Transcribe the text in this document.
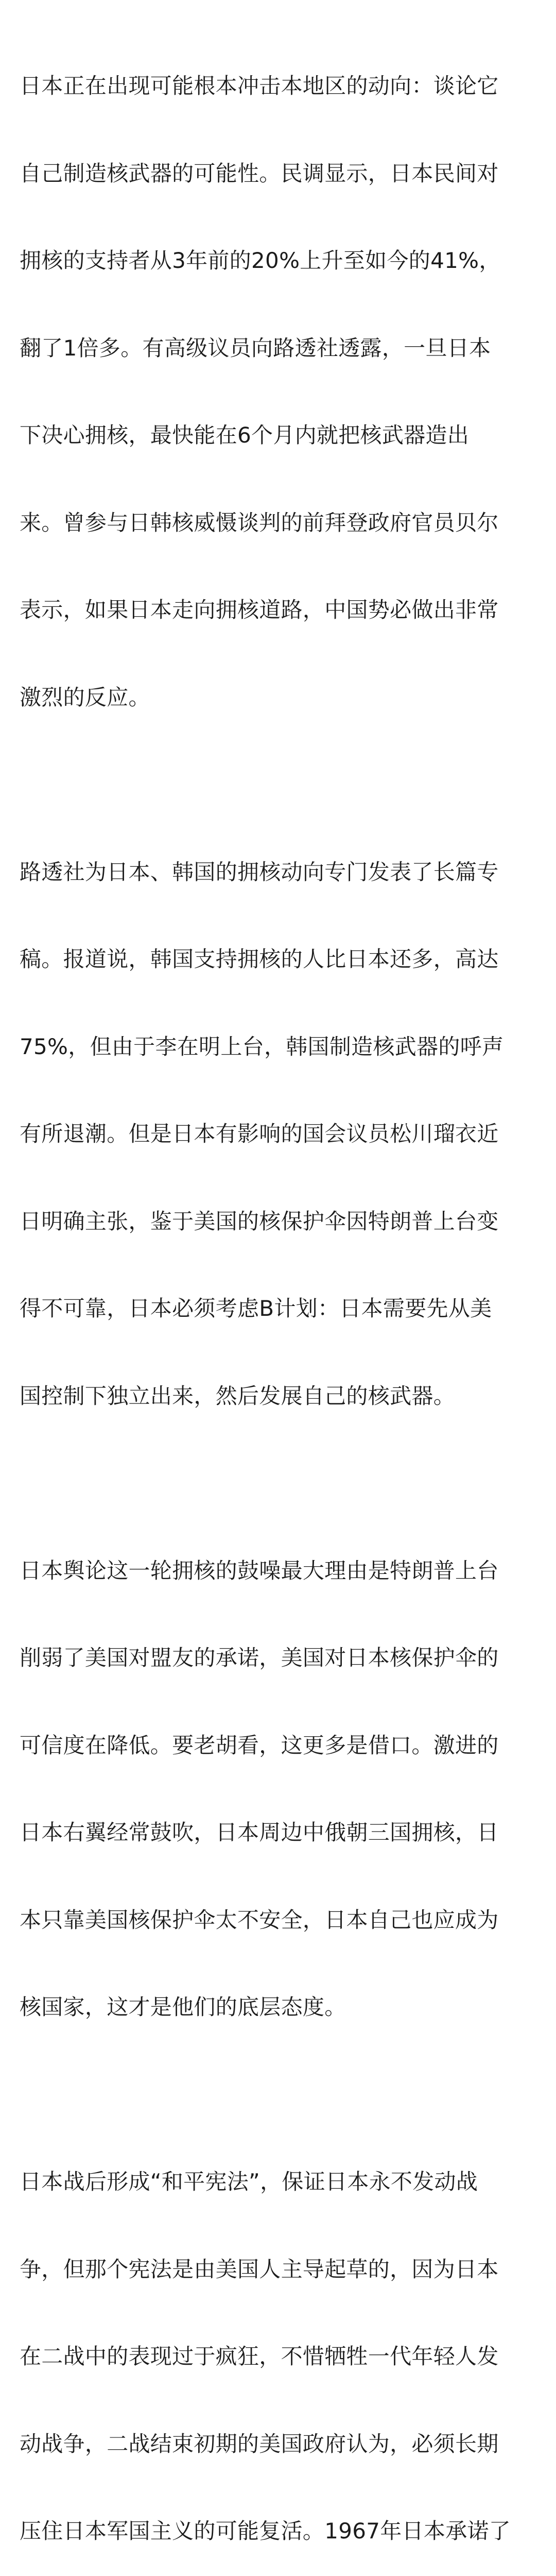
日本正在出现可能根本冲击本地区的动向：谈论它

自己制造核武器的可能性。民调显示，日本民间对

拥核的支持者从3年前的20%上升至如今的41%，

翻了1倍多。有高级议员向路透社透露，一旦日本

下决心拥核，最快能在6个月内就把核武器造出

来。曾参与日韩核威慑谈判的前拜登政府官员贝尔

表示，如果日本走向拥核道路，中国势必做出非常

激烈的反应。

路透社为日本、韩国的拥核动向专门发表了长篇专

稿。报道说，韩国支持拥核的人比日本还多，高达

75%，但由于李在明上台，韩国制造核武器的呼声

有所退潮。但是日本有影响的国会议员松川瑠衣近

日明确主张，鉴于美国的核保护伞因特朗普上台变

得不可靠，日本必须考虑B计划：日本需要先从美

国控制下独立出来，然后发展自己的核武器。

日本舆论这一轮拥核的鼓噪最大理由是特朗普上台

削弱了美国对盟友的承诺，美国对日本核保护伞的

可信度在降低。要老胡看，这更多是借口。激进的

日本右翼经常鼓吹，日本周边中俄朝三国拥核，日

本只靠美国核保护伞太不安全，日本自己也应成为

核国家，这才是他们的底层态度。

日本战后形成“和平宪法”，保证日本永不发动战

争，但那个宪法是由美国人主导起草的，因为日本

在二战中的表现过于疯狂，不惜牺牲一代年轻人发

动战争，二战结束初期的美国政府认为，必须长期

压住日本军国主义的可能复活。1967年日本承诺了
